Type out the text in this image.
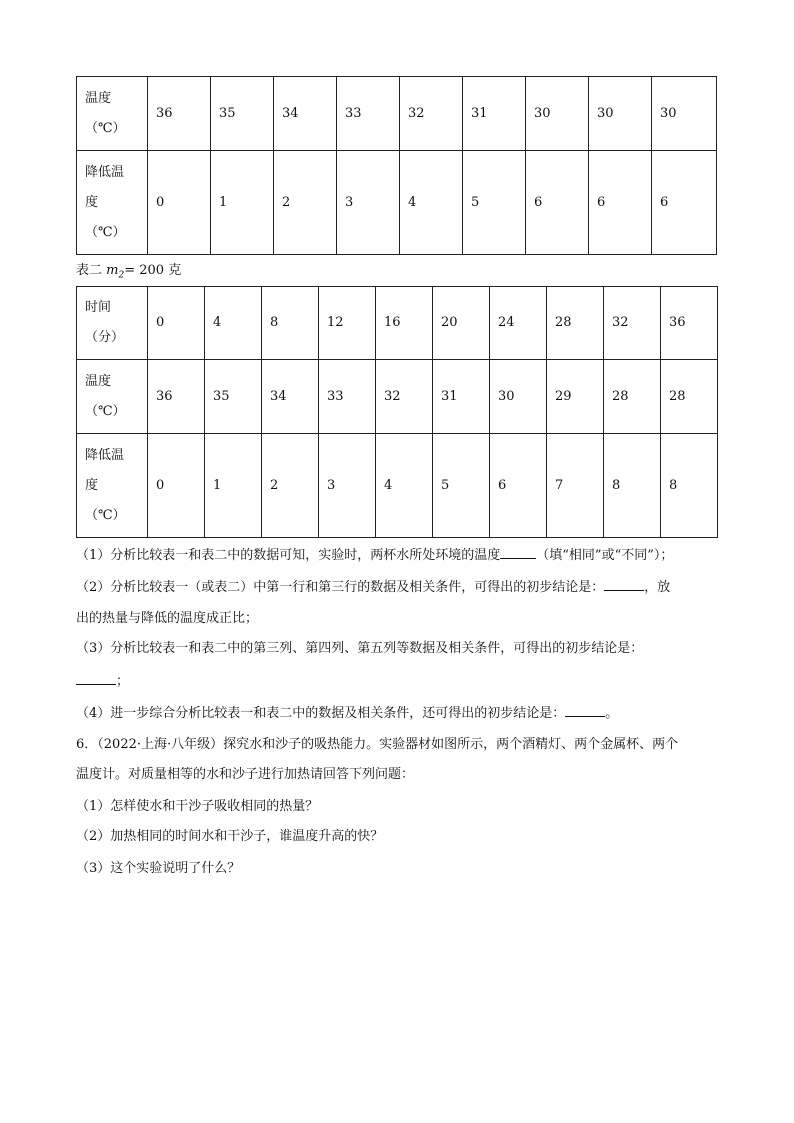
温度
（℃）	36	35	34	33	32	31	30	30	30

降低温
度
（℃）	0	1	2	3	4	5	6	6	6
表二 $m_2= 200$ 克
时间
（分）	0	4	8	12	16	20	24	28	32	36

温度
（℃）	36	35	34	33	32	31	30	29	28	28

降低温
度
（℃）	0	1	2	3	4	5	6	7	8	8
（1）分析比较表一和表二中的数据可知，实验时，两杯水所处环境的温度	（填“相同”或“不同”）；
（2）分析比较表一（或表二）中第一行和第三行的数据及相关条件，可得出的初步结论是：	，放
出的热量与降低的温度成正比；
（3）分析比较表一和表二中的第三列、第四列、第五列等数据及相关条件，可得出的初步结论是：
；
（4）进一步综合分析比较表一和表二中的数据及相关条件，还可得出的初步结论是：	。
6．（2022·上海·八年级）探究水和沙子的吸热能力。实验器材如图所示，两个酒精灯、两个金属杯、两个
温度计。对质量相等的水和沙子进行加热请回答下列问题：
（1）怎样使水和干沙子吸收相同的热量？
（2）加热相同的时间水和干沙子，谁温度升高的快？
（3）这个实验说明了什么？
